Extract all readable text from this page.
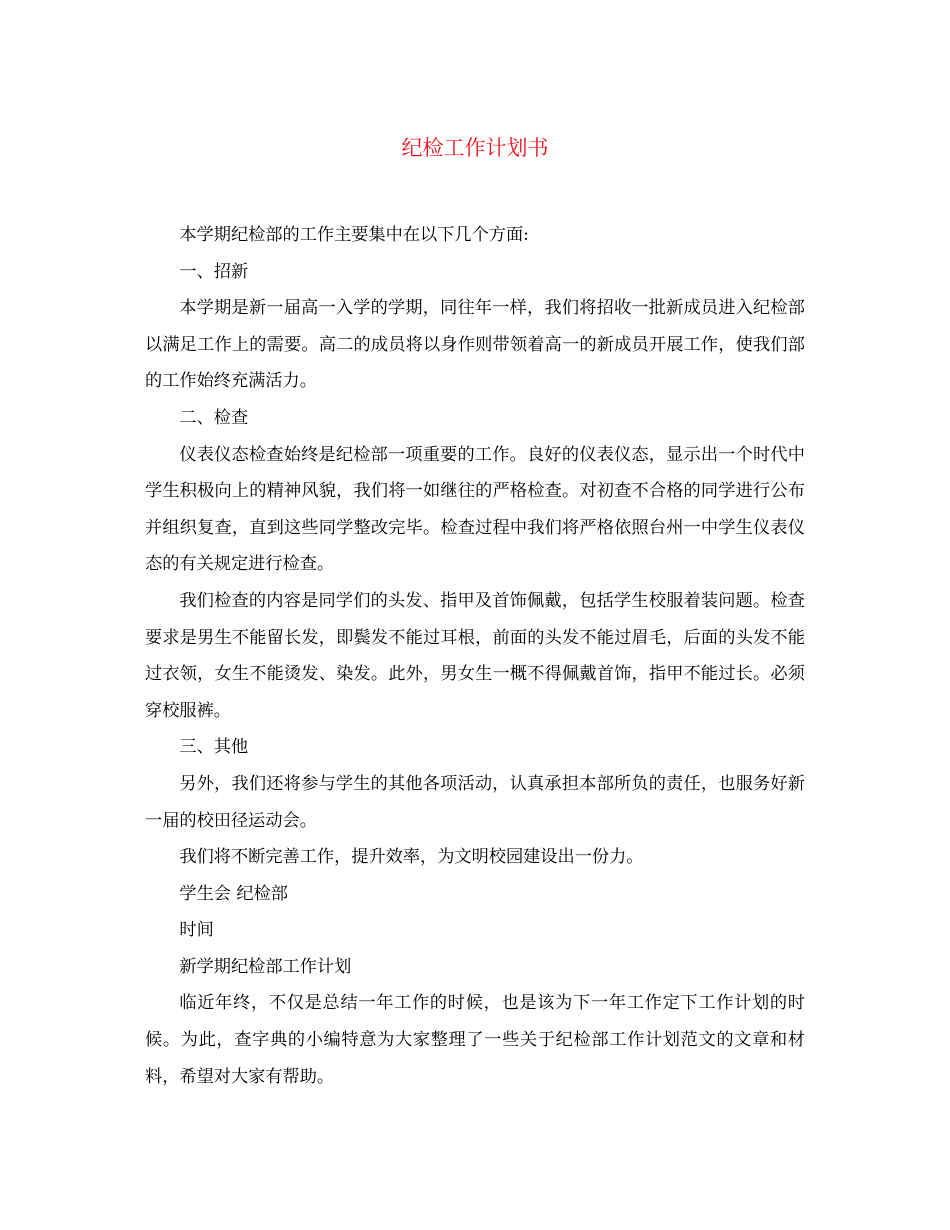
纪检工作计划书

本学期纪检部的工作主要集中在以下几个方面:

一、招新

本学期是新一届高一入学的学期，同往年一样，我们将招收一批新成员进入纪检部以满足工作上的需要。高二的成员将以身作则带领着高一的新成员开展工作，使我们部的工作始终充满活力。

二、检查

仪表仪态检查始终是纪检部一项重要的工作。良好的仪表仪态，显示出一个时代中学生积极向上的精神风貌，我们将一如继往的严格检查。对初查不合格的同学进行公布并组织复查，直到这些同学整改完毕。检查过程中我们将严格依照台州一中学生仪表仪态的有关规定进行检查。

我们检查的内容是同学们的头发、指甲及首饰佩戴，包括学生校服着装问题。检查要求是男生不能留长发，即鬓发不能过耳根，前面的头发不能过眉毛，后面的头发不能过衣领，女生不能烫发、染发。此外，男女生一概不得佩戴首饰，指甲不能过长。必须穿校服裤。

三、其他

另外，我们还将参与学生的其他各项活动，认真承担本部所负的责任，也服务好新一届的校田径运动会。

我们将不断完善工作，提升效率，为文明校园建设出一份力。

学生会 纪检部

时间

新学期纪检部工作计划

临近年终，不仅是总结一年工作的时候，也是该为下一年工作定下工作计划的时候。为此，查字典的小编特意为大家整理了一些关于纪检部工作计划范文的文章和材料，希望对大家有帮助。
